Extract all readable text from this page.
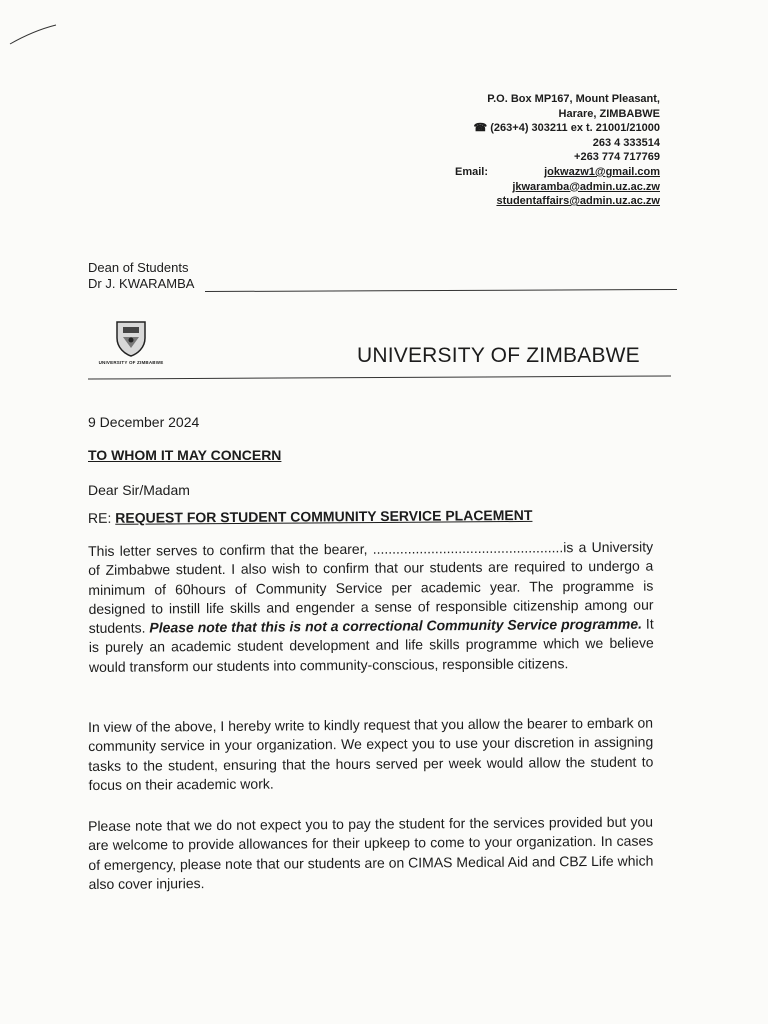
P.O. Box MP167, Mount Pleasant,
Harare, ZIMBABWE
☎ (263+4) 303211 ex t. 21001/21000
263 4 333514
+263 774 717769
Email:	jokwazw1@gmail.com
jkwaramba@admin.uz.ac.zw
studentaffairs@admin.uz.ac.zw
Dean of Students
Dr J. KWARAMBA
UNIVERSITY OF ZIMBABWE	UNIVERSITY OF ZIMBABWE
9 December 2024
TO WHOM IT MAY CONCERN
Dear Sir/Madam
RE: REQUEST FOR STUDENT COMMUNITY SERVICE PLACEMENT
This letter serves to confirm that the bearer, .................................................is a University of Zimbabwe student. I also wish to confirm that our students are required to undergo a minimum of 60hours of Community Service per academic year. The programme is designed to instill life skills and engender a sense of responsible citizenship among our students. Please note that this is not a correctional Community Service programme. It is purely an academic student development and life skills programme which we believe would transform our students into community-conscious, responsible citizens.
In view of the above, I hereby write to kindly request that you allow the bearer to embark on community service in your organization. We expect you to use your discretion in assigning tasks to the student, ensuring that the hours served per week would allow the student to focus on their academic work.
Please note that we do not expect you to pay the student for the services provided but you are welcome to provide allowances for their upkeep to come to your organization. In cases of emergency, please note that our students are on CIMAS Medical Aid and CBZ Life which also cover injuries.
